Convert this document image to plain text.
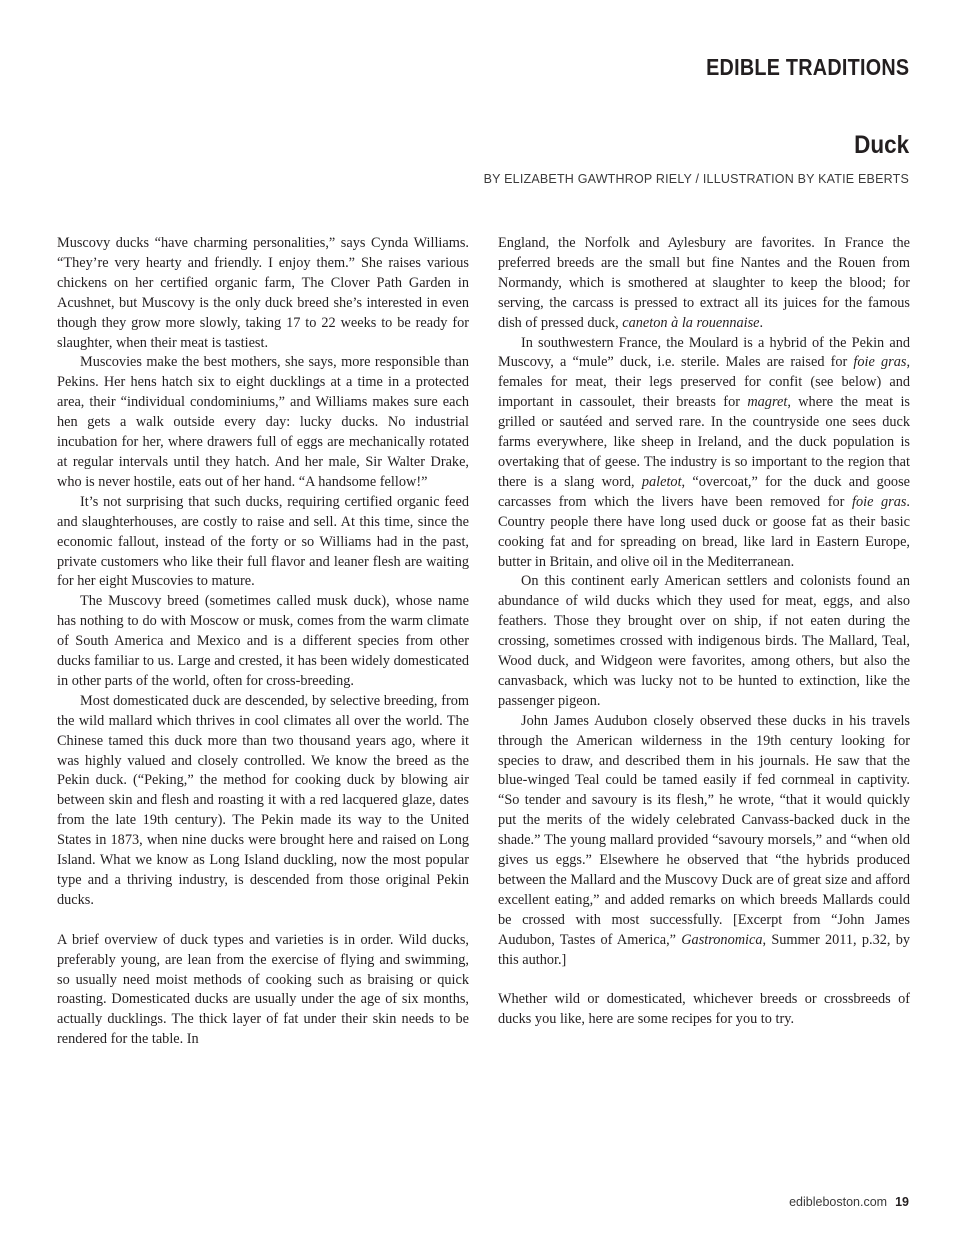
EDIBLE TRADITIONS
Duck

BY ELIZABETH GAWTHROP RIELY / ILLUSTRATION BY KATIE EBERTS

Muscovy ducks “have charming personalities,” says Cynda Williams. “They’re very hearty and friendly. I enjoy them.” She raises various chickens on her certified organic farm, The Clover Path Garden in Acushnet, but Muscovy is the only duck breed she’s interested in even though they grow more slowly, taking 17 to 22 weeks to be ready for slaughter, when their meat is tastiest.

Muscovies make the best mothers, she says, more responsible than Pekins. Her hens hatch six to eight ducklings at a time in a protected area, their “individual condominiums,” and Williams makes sure each hen gets a walk outside every day: lucky ducks. No industrial incubation for her, where drawers full of eggs are mechanically rotated at regular intervals until they hatch. And her male, Sir Walter Drake, who is never hostile, eats out of her hand. “A handsome fellow!”

It’s not surprising that such ducks, requiring certified organic feed and slaughterhouses, are costly to raise and sell. At this time, since the economic fallout, instead of the forty or so Williams had in the past, private customers who like their full flavor and leaner flesh are waiting for her eight Muscovies to mature.

The Muscovy breed (sometimes called musk duck), whose name has nothing to do with Moscow or musk, comes from the warm climate of South America and Mexico and is a different species from other ducks familiar to us. Large and crested, it has been widely domesticated in other parts of the world, often for cross-breeding.

Most domesticated duck are descended, by selective breeding, from the wild mallard which thrives in cool climates all over the world. The Chinese tamed this duck more than two thousand years ago, where it was highly valued and closely controlled. We know the breed as the Pekin duck. (“Peking,” the method for cooking duck by blowing air between skin and flesh and roasting it with a red lacquered glaze, dates from the late 19th century). The Pekin made its way to the United States in 1873, when nine ducks were brought here and raised on Long Island. What we know as Long Island duckling, now the most popular type and a thriving industry, is descended from those original Pekin ducks.

A brief overview of duck types and varieties is in order. Wild ducks, preferably young, are lean from the exercise of flying and swimming, so usually need moist methods of cooking such as braising or quick roasting. Domesticated ducks are usually under the age of six months, actually ducklings. The thick layer of fat under their skin needs to be rendered for the table. In

England, the Norfolk and Aylesbury are favorites. In France the preferred breeds are the small but fine Nantes and the Rouen from Normandy, which is smothered at slaughter to keep the blood; for serving, the carcass is pressed to extract all its juices for the famous dish of pressed duck, caneton à la rouennaise.

In southwestern France, the Moulard is a hybrid of the Pekin and Muscovy, a “mule” duck, i.e. sterile. Males are raised for foie gras, females for meat, their legs preserved for confit (see below) and important in cassoulet, their breasts for magret, where the meat is grilled or sautéed and served rare. In the countryside one sees duck farms everywhere, like sheep in Ireland, and the duck population is overtaking that of geese. The industry is so important to the region that there is a slang word, paletot, “overcoat,” for the duck and goose carcasses from which the livers have been removed for foie gras. Country people there have long used duck or goose fat as their basic cooking fat and for spreading on bread, like lard in Eastern Europe, butter in Britain, and olive oil in the Mediterranean.

On this continent early American settlers and colonists found an abundance of wild ducks which they used for meat, eggs, and also feathers. Those they brought over on ship, if not eaten during the crossing, sometimes crossed with indigenous birds. The Mallard, Teal, Wood duck, and Widgeon were favorites, among others, but also the canvasback, which was lucky not to be hunted to extinction, like the passenger pigeon.

John James Audubon closely observed these ducks in his travels through the American wilderness in the 19th century looking for species to draw, and described them in his journals. He saw that the blue-winged Teal could be tamed easily if fed cornmeal in captivity. “So tender and savoury is its flesh,” he wrote, “that it would quickly put the merits of the widely celebrated Canvass-backed duck in the shade.” The young mallard provided “savoury morsels,” and “when old gives us eggs.” Elsewhere he observed that “the hybrids produced between the Mallard and the Muscovy Duck are of great size and afford excellent eating,” and added remarks on which breeds Mallards could be crossed with most successfully. [Excerpt from “John James Audubon, Tastes of America,” Gastronomica, Summer 2011, p.32, by this author.]

Whether wild or domesticated, whichever breeds or crossbreeds of ducks you like, here are some recipes for you to try.

edibleboston.com 19
